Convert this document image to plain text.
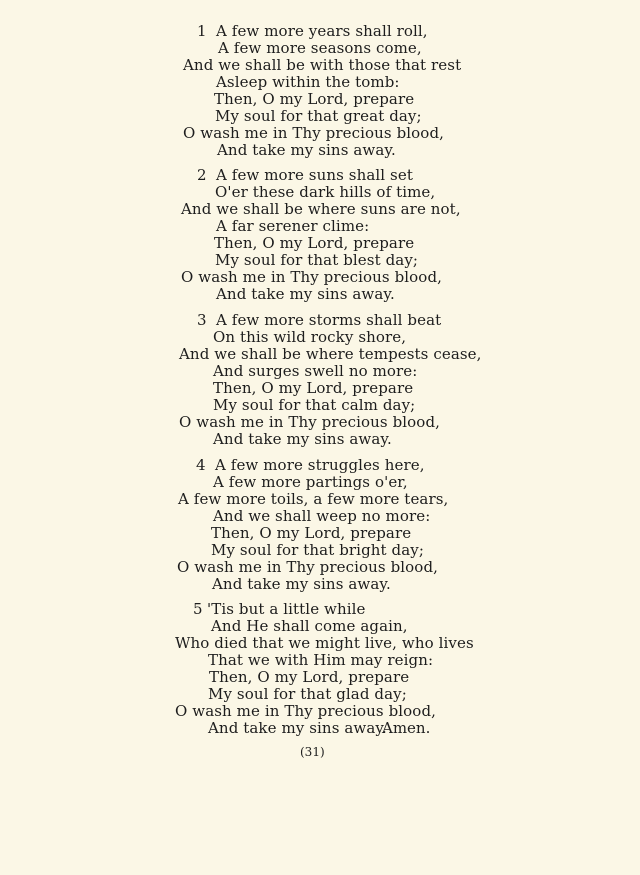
1 A few more years shall roll,
A few more seasons come,
And we shall be with those that rest
Asleep within the tomb:
Then, O my Lord, prepare
My soul for that great day;
O wash me in Thy precious blood,
And take my sins away.
2 A few more suns shall set
O'er these dark hills of time,
And we shall be where suns are not,
A far serener clime:
Then, O my Lord, prepare
My soul for that blest day;
O wash me in Thy precious blood,
And take my sins away.
3 A few more storms shall beat
On this wild rocky shore,
And we shall be where tempests cease,
And surges swell no more:
Then, O my Lord, prepare
My soul for that calm day;
O wash me in Thy precious blood,
And take my sins away.
4 A few more struggles here,
A few more partings o'er,
A few more toils, a few more tears,
And we shall weep no more:
Then, O my Lord, prepare
My soul for that bright day;
O wash me in Thy precious blood,
And take my sins away.
5 'Tis but a little while
And He shall come again,
Who died that we might live, who lives
That we with Him may reign:
Then, O my Lord, prepare
My soul for that glad day;
O wash me in Thy precious blood,
And take my sins away.
Amen.
(31)
